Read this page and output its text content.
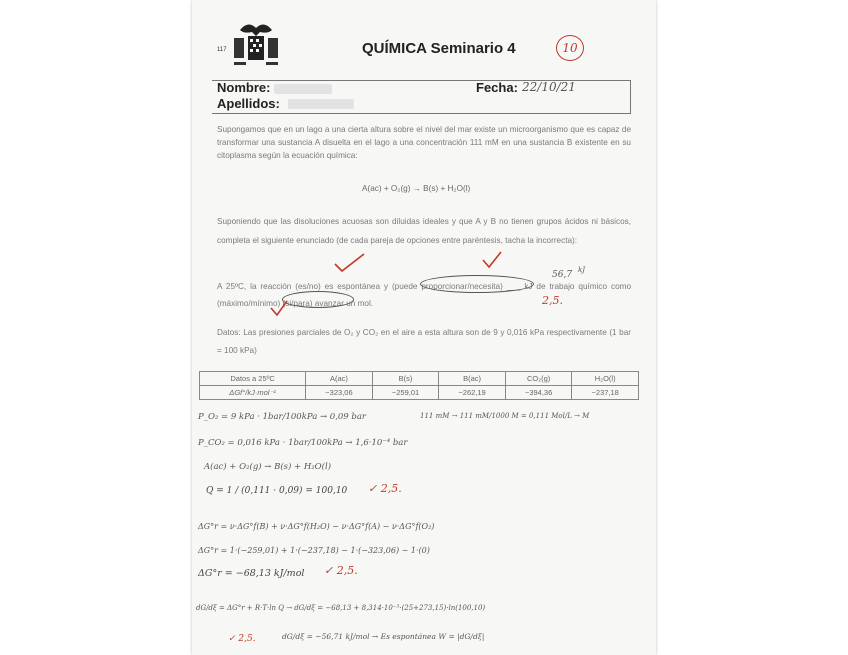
117	QUÍMICA Seminario 4	10
Nombre:
Apellidos:
Fecha: 22/10/21
Supongamos que en un lago a una cierta altura sobre el nivel del mar existe un microorganismo que es capaz de transformar una sustancia A disuelta en el lago a una concentración 111 mM en una sustancia B existente en su citoplasma según la ecuación química:
A(ac) + O₂(g) → B(s) + H₂O(l)
Suponiendo que las disoluciones acuosas son diluidas ideales y que A y B no tienen grupos ácidos ni básicos, completa el siguiente enunciado (de cada pareja de opciones entre paréntesis, tacha la incorrecta):
A 25ºC, la reacción (es/no) es espontánea y (puede proporcionar/necesita) ___ kJ de trabajo químico como (máximo/mínimo) (si/para) avanzar un mol.
56,7 kJ
2,5.
Datos: Las presiones parciales de O₂ y CO₂ en el aire a esta altura son de 9 y 0,016 kPa respectivamente (1 bar = 100 kPa)
Datos a 25ºC	A(ac)	B(s)	B(ac)	CO₂(g)	H₂O(l)
ΔGf°/kJ·mol⁻¹	−323,06	−259,01	−262,19	−394,36	−237,18
P_O₂ = 9 kPa · 1bar/100kPa → 0,09 bar	111 mM → 111 mM/1000 M = 0,111 Mol/L → M
P_CO₂ = 0,016 kPa · 1bar/100kPa → 1,6·10⁻⁴ bar
A(ac) + O₂(g) → B(s) + H₂O(l)
Q = 1 / (0,111 · 0,09) = 100,10 ✓ 2,5.
ΔG°r = ν·ΔG°f(B) + ν·ΔG°f(H₂O) − ν·ΔG°f(A) − ν·ΔG°f(O₂)
ΔG°r = 1·(−259,01) + 1·(−237,18) − 1·(−323,06) − 1·(0)
ΔG°r = −68,13 kJ/mol ✓ 2,5.
dG/dξ = ΔG°r + R·T·ln Q → dG/dξ = −68,13 + 8,314·10⁻³·(25+273,15)·ln(100,10)
dG/dξ = −56,71 kJ/mol → Es espontánea W = |dG/dξ|
✓ 2,5.
